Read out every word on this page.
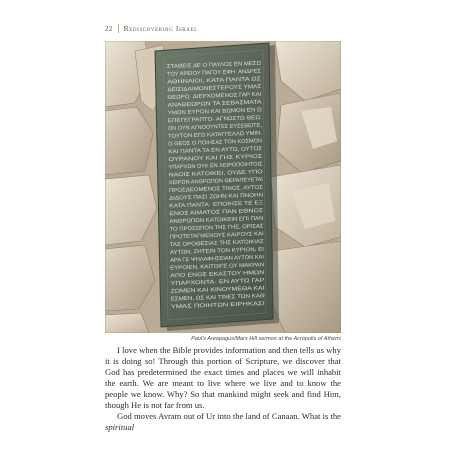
22 Rediscovering Israel
ΣΤΑΘΕΙΣ ΔΕ Ο ΠΑΥΛΟΣ ΕΝ ΜΕΣΩ
ΤΟΥ ΑΡΕΙΟΥ ΠΑΓΟΥ ΕΦΗ· ΑΝΔΡΕΣ
ΑΘΗΝΑΙΟΙ, ΚΑΤΑ ΠΑΝΤΑ ΩΣ
ΔΕΙΣΙΔΑΙΜΟΝΕΣΤΕΡΟΥΣ ΥΜΑΣ
ΘΕΩΡΩ· ΔΙΕΡΧΟΜΕΝΟΣ ΓΑΡ ΚΑΙ
ΑΝΑΘΕΩΡΩΝ ΤΑ ΣΕΒΑΣΜΑΤΑ
ΥΜΩΝ ΕΥΡΟΝ ΚΑΙ ΒΩΜΟΝ ΕΝ Ω
ΕΠΕΓΕΓΡΑΠΤΟ· ΑΓΝΩΣΤΩ ΘΕΩ.
ΟΝ ΟΥΝ ΑΓΝΟΟΥΝΤΕΣ ΕΥΣΕΒΕΙΤΕ,
ΤΟΥΤΟΝ ΕΓΩ ΚΑΤΑΓΓΕΛΛΩ ΥΜΙΝ.
Ο ΘΕΟΣ Ο ΠΟΙΗΣΑΣ ΤΟΝ ΚΟΣΜΟΝ
ΚΑΙ ΠΑΝΤΑ ΤΑ ΕΝ ΑΥΤΩ, ΟΥΤΟΣ
ΟΥΡΑΝΟΥ ΚΑΙ ΓΗΣ ΚΥΡΙΟΣ
ΥΠΑΡΧΩΝ ΟΥΚ ΕΝ ΧΕΙΡΟΠΟΙΗΤΟΙΣ
ΝΑΟΙΣ ΚΑΤΟΙΚΕΙ, ΟΥΔΕ ΥΠΟ
ΧΕΙΡΩΝ ΑΝΘΡΩΠΩΝ ΘΕΡΑΠΕΥΕΤΑΙ
ΠΡΟΣΔΕΟΜΕΝΟΣ ΤΙΝΟΣ, ΑΥΤΟΣ
ΔΙΔΟΥΣ ΠΑΣΙ ΖΩΗΝ ΚΑΙ ΠΝΟΗΝ
ΚΑΤΑ ΠΑΝΤΑ· ΕΠΟΙΗΣΕ ΤΕ ΕΞ
ΕΝΟΣ ΑΙΜΑΤΟΣ ΠΑΝ ΕΘΝΟΣ
ΑΝΘΡΩΠΩΝ ΚΑΤΟΙΚΕΙΝ ΕΠΙ ΠΑΝ
ΤΟ ΠΡΟΣΩΠΟΝ ΤΗΣ ΓΗΣ, ΟΡΙΣΑΣ
ΠΡΟΤΕΤΑΓΜΕΝΟΥΣ ΚΑΙΡΟΥΣ ΚΑΙ
ΤΑΣ ΟΡΟΘΕΣΙΑΣ ΤΗΣ ΚΑΤΟΙΚΙΑΣ
ΑΥΤΩΝ, ΖΗΤΕΙΝ ΤΟΝ ΚΥΡΙΟΝ, ΕΙ
ΑΡΑ ΓΕ ΨΗΛΑΦΗΣΕΙΑΝ ΑΥΤΟΝ ΚΑΙ
ΕΥΡΟΙΕΝ, ΚΑΙΤΟΙΓΕ ΟΥ ΜΑΚΡΑΝ
ΑΠΟ ΕΝΟΣ ΕΚΑΣΤΟΥ ΗΜΩΝ
ΥΠΑΡΧΟΝΤΑ· ΕΝ ΑΥΤΩ ΓΑΡ
ΖΩΜΕΝ ΚΑΙ ΚΙΝΟΥΜΕΘΑ ΚΑΙ
ΕΣΜΕΝ, ΩΣ ΚΑΙ ΤΙΝΕΣ ΤΩΝ ΚΑΘ
ΥΜΑΣ ΠΟΙΗΤΩΝ ΕΙΡΗΚΑΣΙ
Paul's Areopagus/Mars Hill sermon at the Acropolis of Athens

I love when the Bible provides information and then tells us why it is doing so! Through this portion of Scripture, we discover that God has predetermined the exact times and places we will inhabit the earth. We are meant to live where we live and to know the people we know. Why? So that mankind might seek and find Him, though He is not far from us.

God moves Avram out of Ur into the land of Canaan. What is the spiritual
